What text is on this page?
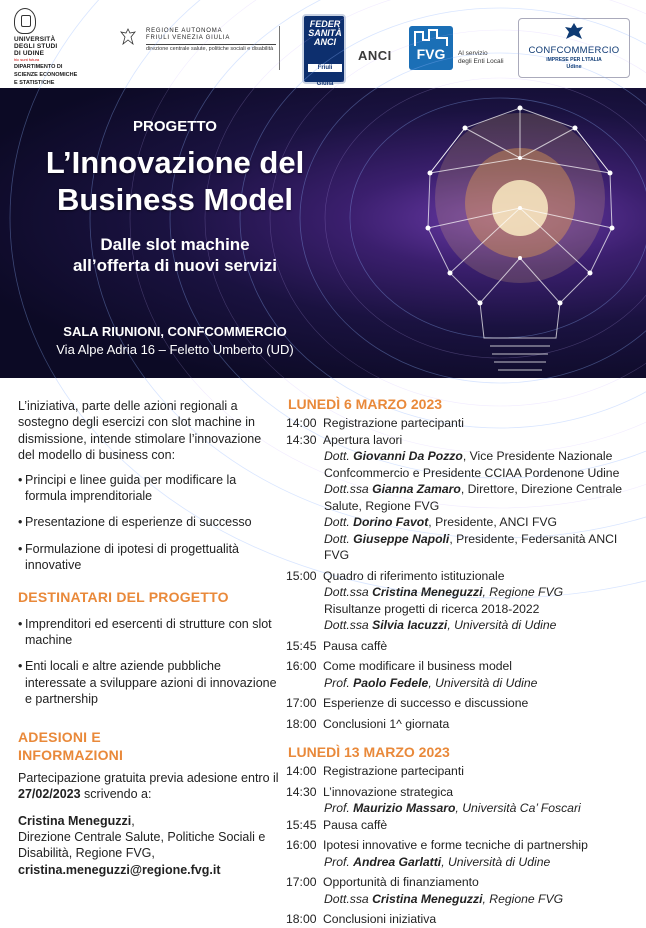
UNIVERSITÀ
DEGLI STUDI
DI UDINE
hic sunt futura
DIPARTIMENTO DI
SCIENZE ECONOMICHE
E STATISTICHE
REGIONE AUTONOMA
FRIULI VENEZIA GIULIA
direzione centrale salute, politiche sociali e disabilità
FEDER
SANITÀ
ANCI
Friuli Venezia Giulia
ANCI	FVG	Al servizio
degli Enti Locali
CONFCOMMERCIO
IMPRESE PER L'ITALIA
Udine
PROGETTO
L’Innovazione del
Business Model
Dalle slot machine
all’offerta di nuovi servizi
SALA RIUNIONI, CONFCOMMERCIO
Via Alpe Adria 16 – Feletto Umberto (UD)

L’iniziativa, parte delle azioni regionali a sostegno degli esercizi con slot machine in dismissione, intende stimolare l’innovazione del modello di business con:

• Principi e linee guida per modificare la formula imprenditoriale
• Presentazione di esperienze di successo
• Formulazione di ipotesi di progettualità innovative
DESTINATARI DEL PROGETTO
• Imprenditori ed esercenti di strutture con slot machine
• Enti locali e altre aziende pubbliche interessate a sviluppare azioni di innovazione e partnership
ADESIONI E INFORMAZIONI

Partecipazione gratuita previa adesione entro il 27/02/2023 scrivendo a:

Cristina Meneguzzi,
Direzione Centrale Salute, Politiche Sociali e Disabilità, Regione FVG,
cristina.meneguzzi@regione.fvg.it
LUNEDÌ 6 MARZO 2023
14:00 Registrazione partecipanti
14:30 Apertura lavori
Dott. Giovanni Da Pozzo, Vice Presidente Nazionale Confcommercio e Presidente CCIAA Pordenone Udine
Dott.ssa Gianna Zamaro, Direttore, Direzione Centrale Salute, Regione FVG
Dott. Dorino Favot, Presidente, ANCI FVG
Dott. Giuseppe Napoli, Presidente, Federsanità ANCI FVG
15:00 Quadro di riferimento istituzionale
Dott.ssa Cristina Meneguzzi, Regione FVG
Risultanze progetti di ricerca 2018-2022
Dott.ssa Silvia Iacuzzi, Università di Udine
15:45 Pausa caffè
16:00 Come modificare il business model
Prof. Paolo Fedele, Università di Udine
17:00 Esperienze di successo e discussione
18:00 Conclusioni 1^ giornata
LUNEDÌ 13 MARZO 2023
14:00 Registrazione partecipanti
14:30 L’innovazione strategica
Prof. Maurizio Massaro, Università Ca’ Foscari
15:45 Pausa caffè
16:00 Ipotesi innovative e forme tecniche di partnership
Prof. Andrea Garlatti, Università di Udine
17:00 Opportunità di finanziamento
Dott.ssa Cristina Meneguzzi, Regione FVG
18:00 Conclusioni iniziativa
